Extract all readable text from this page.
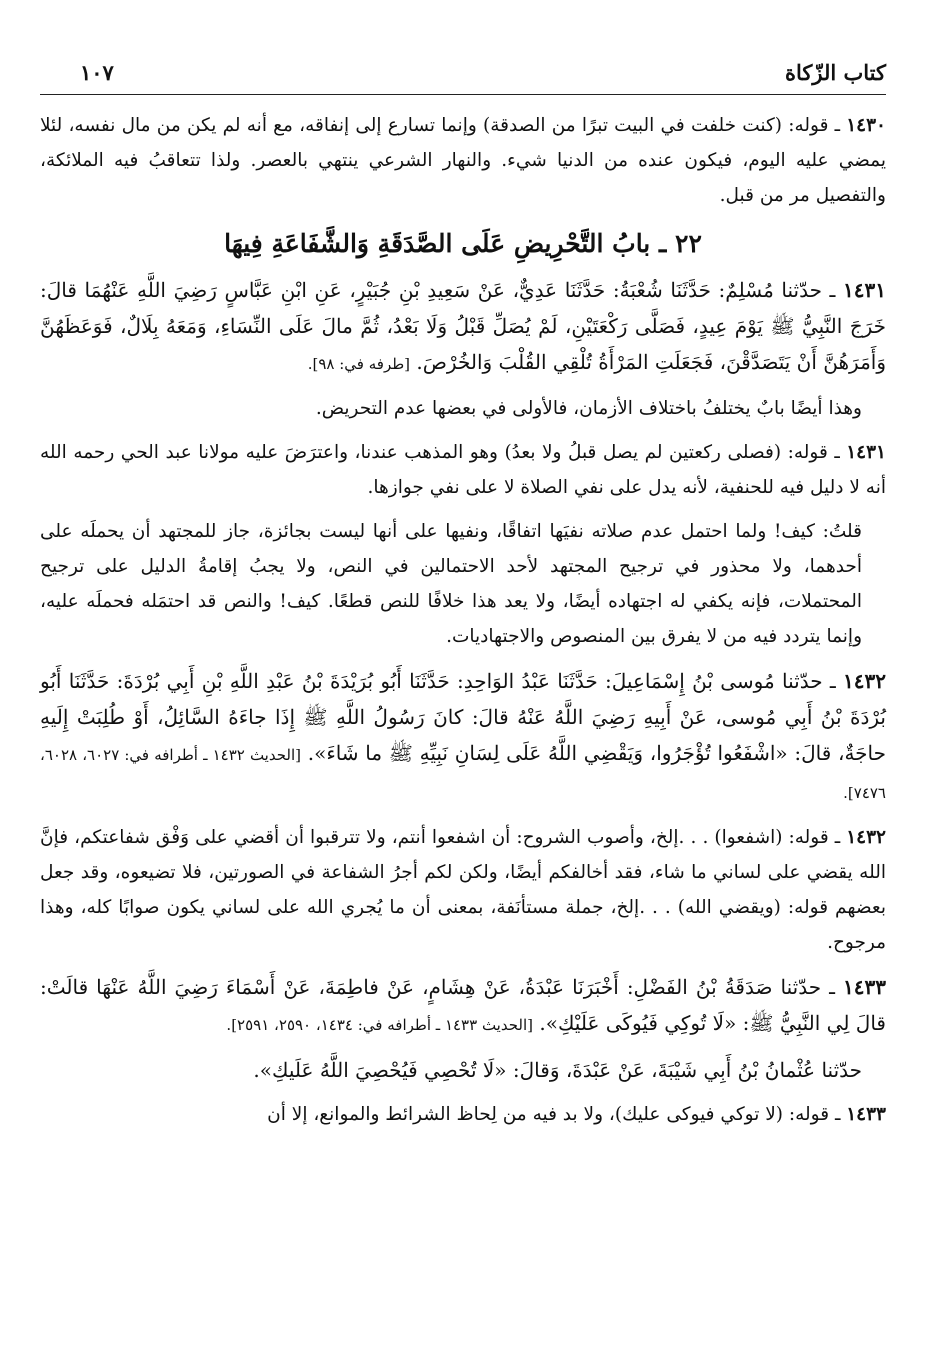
كتاب الزّكاة
١٠٧

١٤٣٠ ـ قوله: (كنت خلفت في البيت تبرًا من الصدقة) وإنما تسارع إلى إنفاقه، مع أنه لم يكن من مال نفسه، لئلا يمضي عليه اليوم، فيكون عنده من الدنيا شيء. والنهار الشرعي ينتهي بالعصر. ولذا تتعاقبُ فيه الملائكة، والتفصيل مر من قبل.

٢٢ ـ بابُ التَّحْرِيضِ عَلَى الصَّدَقَةِ وَالشَّفَاعَةِ فِيهَا

١٤٣١ ـ حدّثنا مُسْلِمٌ: حَدَّثَنَا شُعْبَةُ: حَدَّثَنَا عَدِيٌّ، عَنْ سَعِيدِ بْنِ جُبَيْرٍ، عَنِ ابْنِ عَبَّاسٍ رَضِيَ اللَّهِ عَنْهُمَا قالَ: خَرَجَ النَّبِيُّ ﷺ يَوْمَ عِيدٍ، فَصَلَّى رَكْعَتَيْنِ، لَمْ يُصَلِّ قَبْلُ وَلَا بَعْدُ، ثُمَّ مالَ عَلَى النِّسَاءِ، وَمَعَهُ بِلَالٌ، فَوَعَظَهُنَّ وَأَمَرَهُنَّ أَنْ يَتَصَدَّقْنَ، فَجَعَلَتِ المَرْأَةُ تُلْقِي القُلْبَ وَالخُرْصَ. [طرفه في: ٩٨].

وهذا أيضًا بابٌ يختلفُ باختلاف الأزمان، فالأولى في بعضها عدم التحريض.

١٤٣١ ـ قوله: (فصلى ركعتين لم يصل قبلُ ولا بعدُ) وهو المذهب عندنا، واعترَضَ عليه مولانا عبد الحي رحمه الله أنه لا دليل فيه للحنفية، لأنه يدل على نفي الصلاة لا على نفي جوازها.

قلتُ: كيف! ولما احتمل عدم صلاته نفيَها اتفاقًا، ونفيها على أنها ليست بجائزة، جاز للمجتهد أن يحملَه على أحدهما، ولا محذور في ترجيح المجتهد لأحد الاحتمالين في النص، ولا يجبُ إقامةُ الدليل على ترجيح المحتملات، فإنه يكفي له اجتهاده أيضًا، ولا يعد هذا خلافًا للنص قطعًا. كيف! والنص قد احتمَله فحملَه عليه، وإنما يتردد فيه من لا يفرق بين المنصوص والاجتهاديات.

١٤٣٢ ـ حدّثنا مُوسى بْنُ إِسْمَاعِيلَ: حَدَّثَنَا عَبْدُ الوَاحِدِ: حَدَّثَنَا أَبُو بُرَيْدَةَ بْنُ عَبْدِ اللَّهِ بْنِ أَبِي بُرْدَةَ: حَدَّثَنَا أَبُو بُرْدَةَ بْنُ أَبِي مُوسى، عَنْ أَبِيهِ رَضِيَ اللَّهُ عَنْهُ قالَ: كانَ رَسُولُ اللَّهِ ﷺ إِذَا جاءَهُ السَّائِلُ، أَوْ طُلِبَتْ إِلَيهِ حاجَةٌ، قالَ: «اشْفَعُوا تُؤْجَرُوا، وَيَقْضِي اللَّهُ عَلَى لِسَانِ نَبِيِّهِ ﷺ ما شَاءَ». [الحديث ١٤٣٢ ـ أطرافه في: ٦٠٢٧، ٦٠٢٨، ٧٤٧٦].

١٤٣٢ ـ قوله: (اشفعوا) . . .إلخ، وأصوب الشروح: أن اشفعوا أنتم، ولا تترقبوا أن أقضي على وَفْق شفاعتكم، فإنَّ الله يقضي على لساني ما شاء، فقد أخالفكم أيضًا، ولكن لكم أجرُ الشفاعة في الصورتين، فلا تضيعوه، وقد جعل بعضهم قوله: (ويقضي الله) . . .إلخ، جملة مستأنَفة، بمعنى أن ما يُجري الله على لساني يكون صوابًا كله، وهذا مرجوح.

١٤٣٣ ـ حدّثنا صَدَقَةُ بْنُ الفَضْلِ: أَخْبَرَنَا عَبْدَةُ، عَنْ هِشَامٍ، عَنْ فاطِمَةَ، عَنْ أَسْمَاءَ رَضِيَ اللَّهُ عَنْهَا قالَتْ: قالَ لِي النَّبِيُّ ﷺ: «لَا تُوكِي فَيُوكَى عَلَيْكِ». [الحديث ١٤٣٣ ـ أطرافه في: ١٤٣٤، ٢٥٩٠، ٢٥٩١].

حدّثنا عُثْمانُ بْنُ أَبِي شَيْبَةَ، عَنْ عَبْدَةَ، وَقالَ: «لَا تُحْصِي فَيُحْصِيَ اللَّهُ عَلَيكِ».

١٤٣٣ ـ قوله: (لا توكي فيوكى عليك)، ولا بد فيه من لِحاظ الشرائط والموانع، إلا أن
